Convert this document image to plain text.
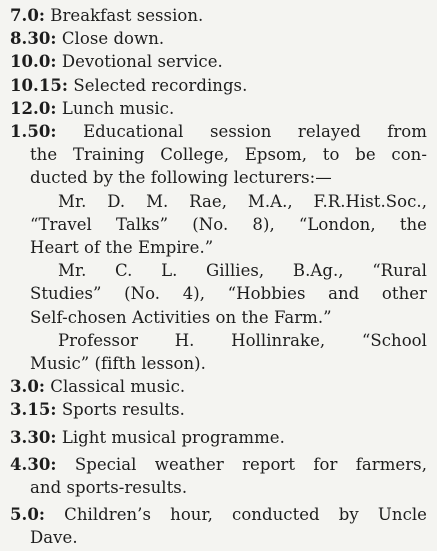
7.0: Breakfast session.
8.30: Close down.
10.0: Devotional service.
10.15: Selected recordings.
12.0: Lunch music.
1.50: Educational session relayed from
the Training College, Epsom, to be con-
ducted by the following lecturers:—
Mr. D. M. Rae, M.A., F.R.Hist.Soc.,
“Travel Talks” (No. 8), “London, the
Heart of the Empire.”
Mr. C. L. Gillies, B.Ag., “Rural
Studies” (No. 4), “Hobbies and other
Self-chosen Activities on the Farm.”
Professor H. Hollinrake, “School
Music” (fifth lesson).
3.0: Classical music.
3.15: Sports results.
3.30: Light musical programme.
4.30: Special weather report for farmers,
and sports-results.
5.0: Children’s hour, conducted by Uncle
Dave.
